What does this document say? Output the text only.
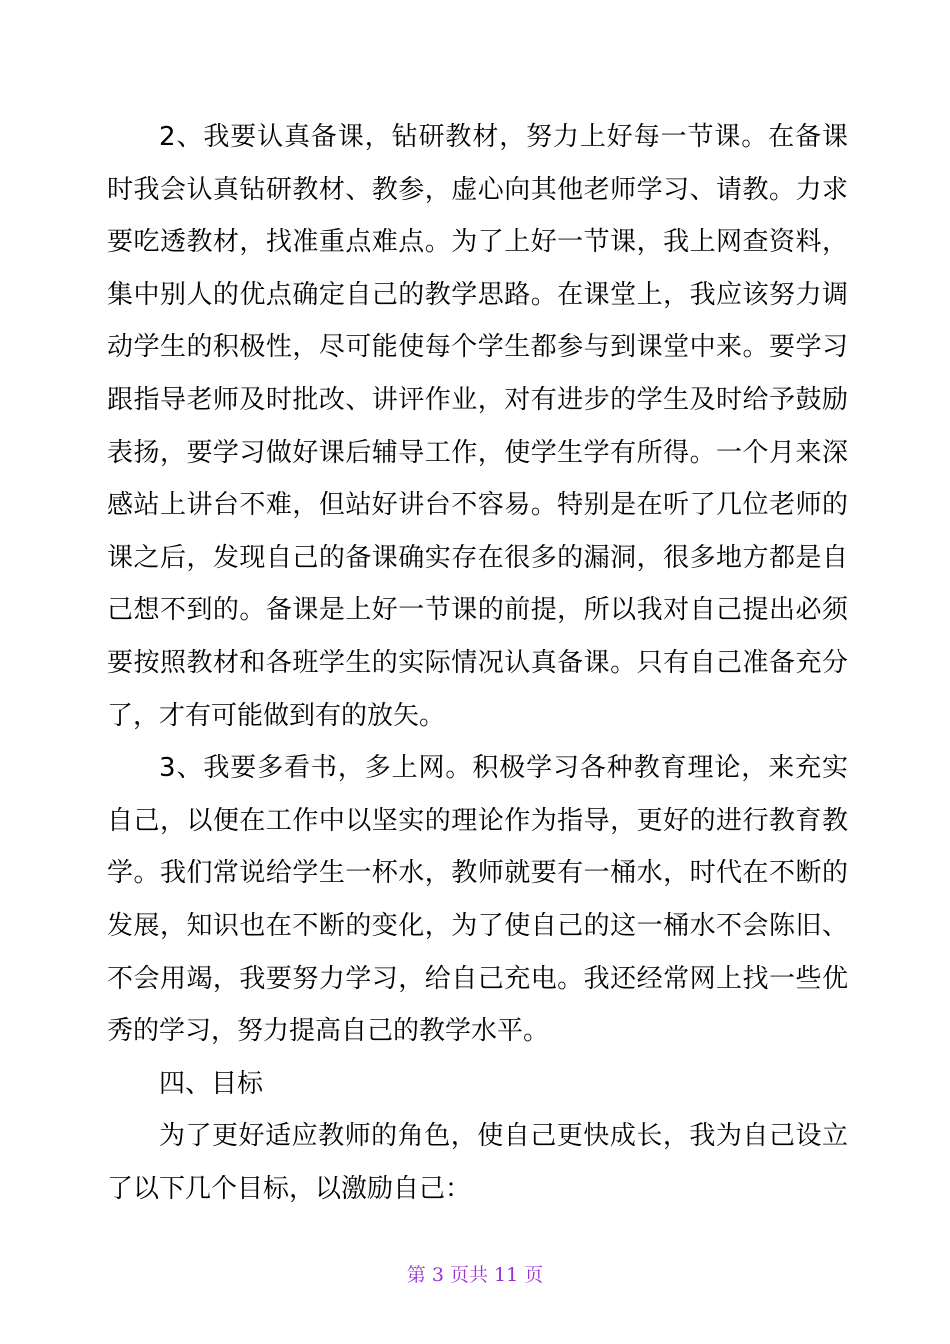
2、我要认真备课，钻研教材，努力上好每一节课。在备课时我会认真钻研教材、教参，虚心向其他老师学习、请教。力求要吃透教材，找准重点难点。为了上好一节课，我上网查资料，集中别人的优点确定自己的教学思路。在课堂上，我应该努力调动学生的积极性，尽可能使每个学生都参与到课堂中来。要学习跟指导老师及时批改、讲评作业，对有进步的学生及时给予鼓励表扬，要学习做好课后辅导工作，使学生学有所得。一个月来深感站上讲台不难，但站好讲台不容易。特别是在听了几位老师的课之后，发现自己的备课确实存在很多的漏洞，很多地方都是自己想不到的。备课是上好一节课的前提，所以我对自己提出必须要按照教材和各班学生的实际情况认真备课。只有自己准备充分了，才有可能做到有的放矢。

3、我要多看书，多上网。积极学习各种教育理论，来充实自己，以便在工作中以坚实的理论作为指导，更好的进行教育教学。我们常说给学生一杯水，教师就要有一桶水，时代在不断的发展，知识也在不断的变化，为了使自己的这一桶水不会陈旧、不会用竭，我要努力学习，给自己充电。我还经常网上找一些优秀的学习，努力提高自己的教学水平。

四、目标

为了更好适应教师的角色，使自己更快成长，我为自己设立了以下几个目标，以激励自己：

第 3 页共 11 页
